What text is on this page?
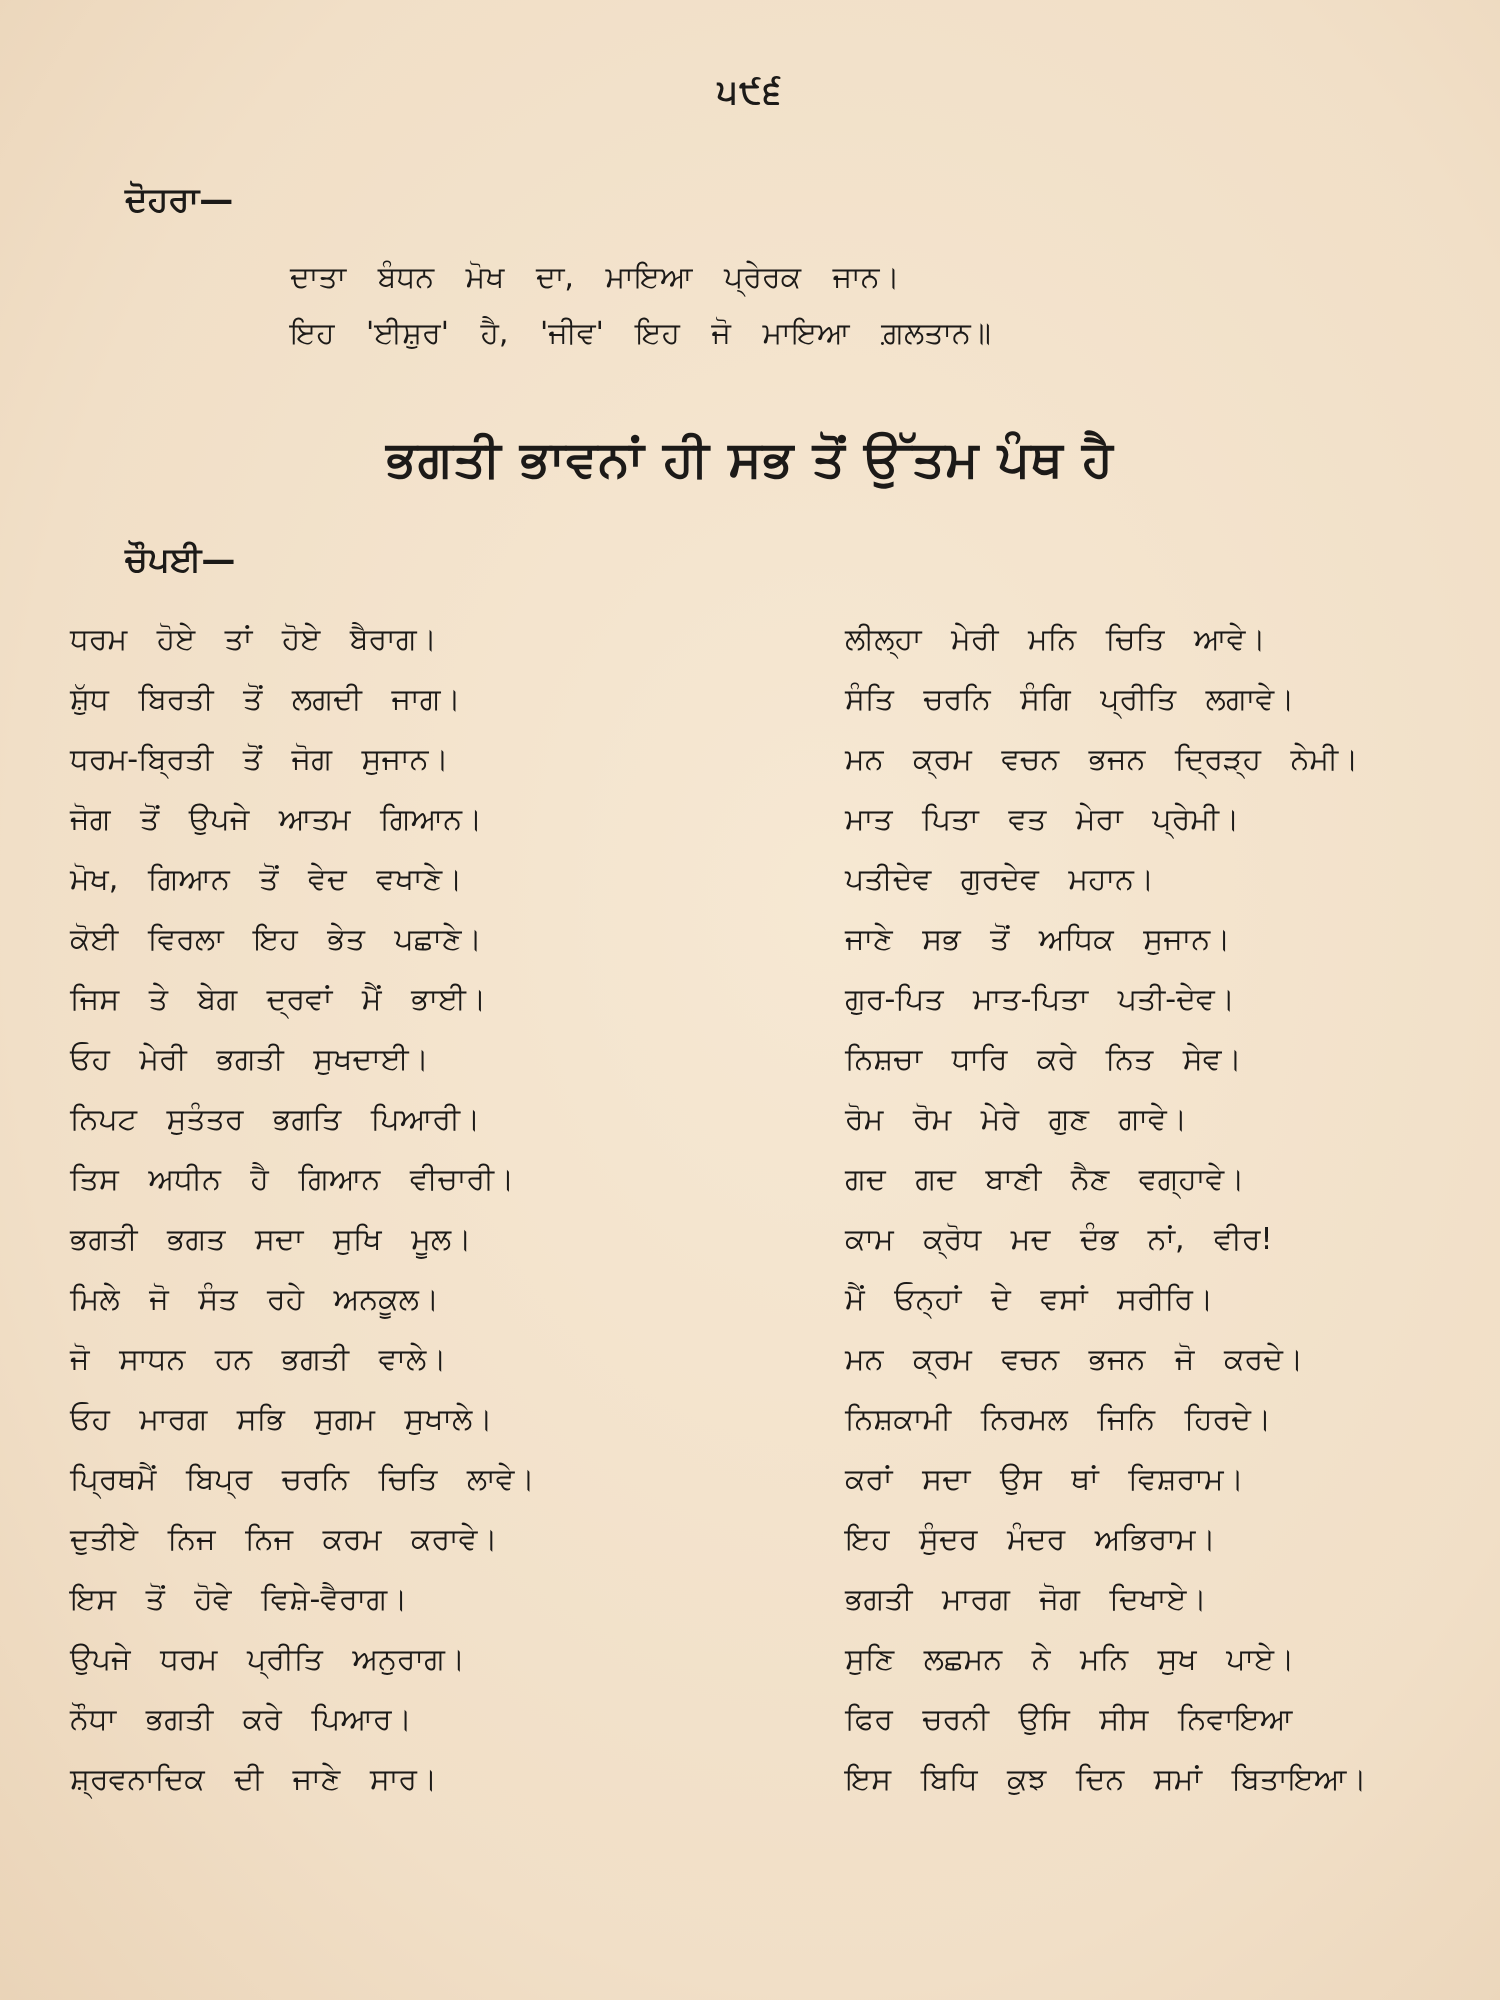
੫੯੬
ਦੋਹਰਾ—
ਦਾਤਾ ਬੰਧਨ ਮੋਖ ਦਾ, ਮਾਇਆ ਪ੍ਰੇਰਕ ਜਾਨ।
ਇਹ 'ਈਸ਼ੁਰ' ਹੈ, 'ਜੀਵ' ਇਹ ਜੋ ਮਾਇਆ ਗ਼ਲਤਾਨ॥
ਭਗਤੀ ਭਾਵਨਾਂ ਹੀ ਸਭ ਤੋਂ ਉੱਤਮ ਪੰਥ ਹੈ
ਚੌਪਈ—
ਧਰਮ ਹੋਏ ਤਾਂ ਹੋਏ ਬੈਰਾਗ।
ਸ਼ੁੱਧ ਬਿਰਤੀ ਤੋਂ ਲਗਦੀ ਜਾਗ।
ਧਰਮ-ਬ੍ਰਿਤੀ ਤੋਂ ਜੋਗ ਸੁਜਾਨ।
ਜੋਗ ਤੋਂ ਉਪਜੇ ਆਤਮ ਗਿਆਨ।
ਮੋਖ, ਗਿਆਨ ਤੋਂ ਵੇਦ ਵਖਾਣੇ।
ਕੋਈ ਵਿਰਲਾ ਇਹ ਭੇਤ ਪਛਾਣੇ।
ਜਿਸ ਤੇ ਬੇਗ ਦ੍ਰਵਾਂ ਮੈਂ ਭਾਈ।
ਓਹ ਮੇਰੀ ਭਗਤੀ ਸੁਖਦਾਈ।
ਨਿਪਟ ਸੁਤੰਤਰ ਭਗਤਿ ਪਿਆਰੀ।
ਤਿਸ ਅਧੀਨ ਹੈ ਗਿਆਨ ਵੀਚਾਰੀ।
ਭਗਤੀ ਭਗਤ ਸਦਾ ਸੁਖਿ ਮੂਲ।
ਮਿਲੇ ਜੋ ਸੰਤ ਰਹੇ ਅਨਕੂਲ।
ਜੋ ਸਾਧਨ ਹਨ ਭਗਤੀ ਵਾਲੇ।
ਓਹ ਮਾਰਗ ਸਭਿ ਸੁਗਮ ਸੁਖਾਲੇ।
ਪ੍ਰਿਥਮੈਂ ਬਿਪ੍ਰ ਚਰਨਿ ਚਿਤਿ ਲਾਵੇ।
ਦੁਤੀਏ ਨਿਜ ਨਿਜ ਕਰਮ ਕਰਾਵੇ।
ਇਸ ਤੋਂ ਹੋਵੇ ਵਿਸ਼ੇ-ਵੈਰਾਗ।
ਉਪਜੇ ਧਰਮ ਪ੍ਰੀਤਿ ਅਨੁਰਾਗ।
ਨੌਧਾ ਭਗਤੀ ਕਰੇ ਪਿਆਰ।
ਸ਼੍ਰਵਨਾਦਿਕ ਦੀ ਜਾਣੇ ਸਾਰ।
ਲੀਲ੍ਹਾ ਮੇਰੀ ਮਨਿ ਚਿਤਿ ਆਵੇ।
ਸੰਤਿ ਚਰਨਿ ਸੰਗਿ ਪ੍ਰੀਤਿ ਲਗਾਵੇ।
ਮਨ ਕ੍ਰਮ ਵਚਨ ਭਜਨ ਦ੍ਰਿੜ੍ਹ ਨੇਮੀ।
ਮਾਤ ਪਿਤਾ ਵਤ ਮੇਰਾ ਪ੍ਰੇਮੀ।
ਪਤੀਦੇਵ ਗੁਰਦੇਵ ਮਹਾਨ।
ਜਾਣੇ ਸਭ ਤੋਂ ਅਧਿਕ ਸੁਜਾਨ।
ਗੁਰ-ਪਿਤ ਮਾਤ-ਪਿਤਾ ਪਤੀ-ਦੇਵ।
ਨਿਸ਼ਚਾ ਧਾਰਿ ਕਰੇ ਨਿਤ ਸੇਵ।
ਰੋਮ ਰੋਮ ਮੇਰੇ ਗੁਣ ਗਾਵੇ।
ਗਦ ਗਦ ਬਾਣੀ ਨੈਣ ਵਗ੍ਹਾਵੇ।
ਕਾਮ ਕ੍ਰੋਧ ਮਦ ਦੰਭ ਨਾਂ, ਵੀਰ!
ਮੈਂ ਓਨ੍ਹਾਂ ਦੇ ਵਸਾਂ ਸਰੀਰਿ।
ਮਨ ਕ੍ਰਮ ਵਚਨ ਭਜਨ ਜੋ ਕਰਦੇ।
ਨਿਸ਼ਕਾਮੀ ਨਿਰਮਲ ਜਿਨਿ ਹਿਰਦੇ।
ਕਰਾਂ ਸਦਾ ਉਸ ਥਾਂ ਵਿਸ਼ਰਾਮ।
ਇਹ ਸੁੰਦਰ ਮੰਦਰ ਅਭਿਰਾਮ।
ਭਗਤੀ ਮਾਰਗ ਜੋਗ ਦਿਖਾਏ।
ਸੁਣਿ ਲਛਮਨ ਨੇ ਮਨਿ ਸੁਖ ਪਾਏ।
ਫਿਰ ਚਰਨੀ ਉਸਿ ਸੀਸ ਨਿਵਾਇਆ
ਇਸ ਬਿਧਿ ਕੁਝ ਦਿਨ ਸਮਾਂ ਬਿਤਾਇਆ।
